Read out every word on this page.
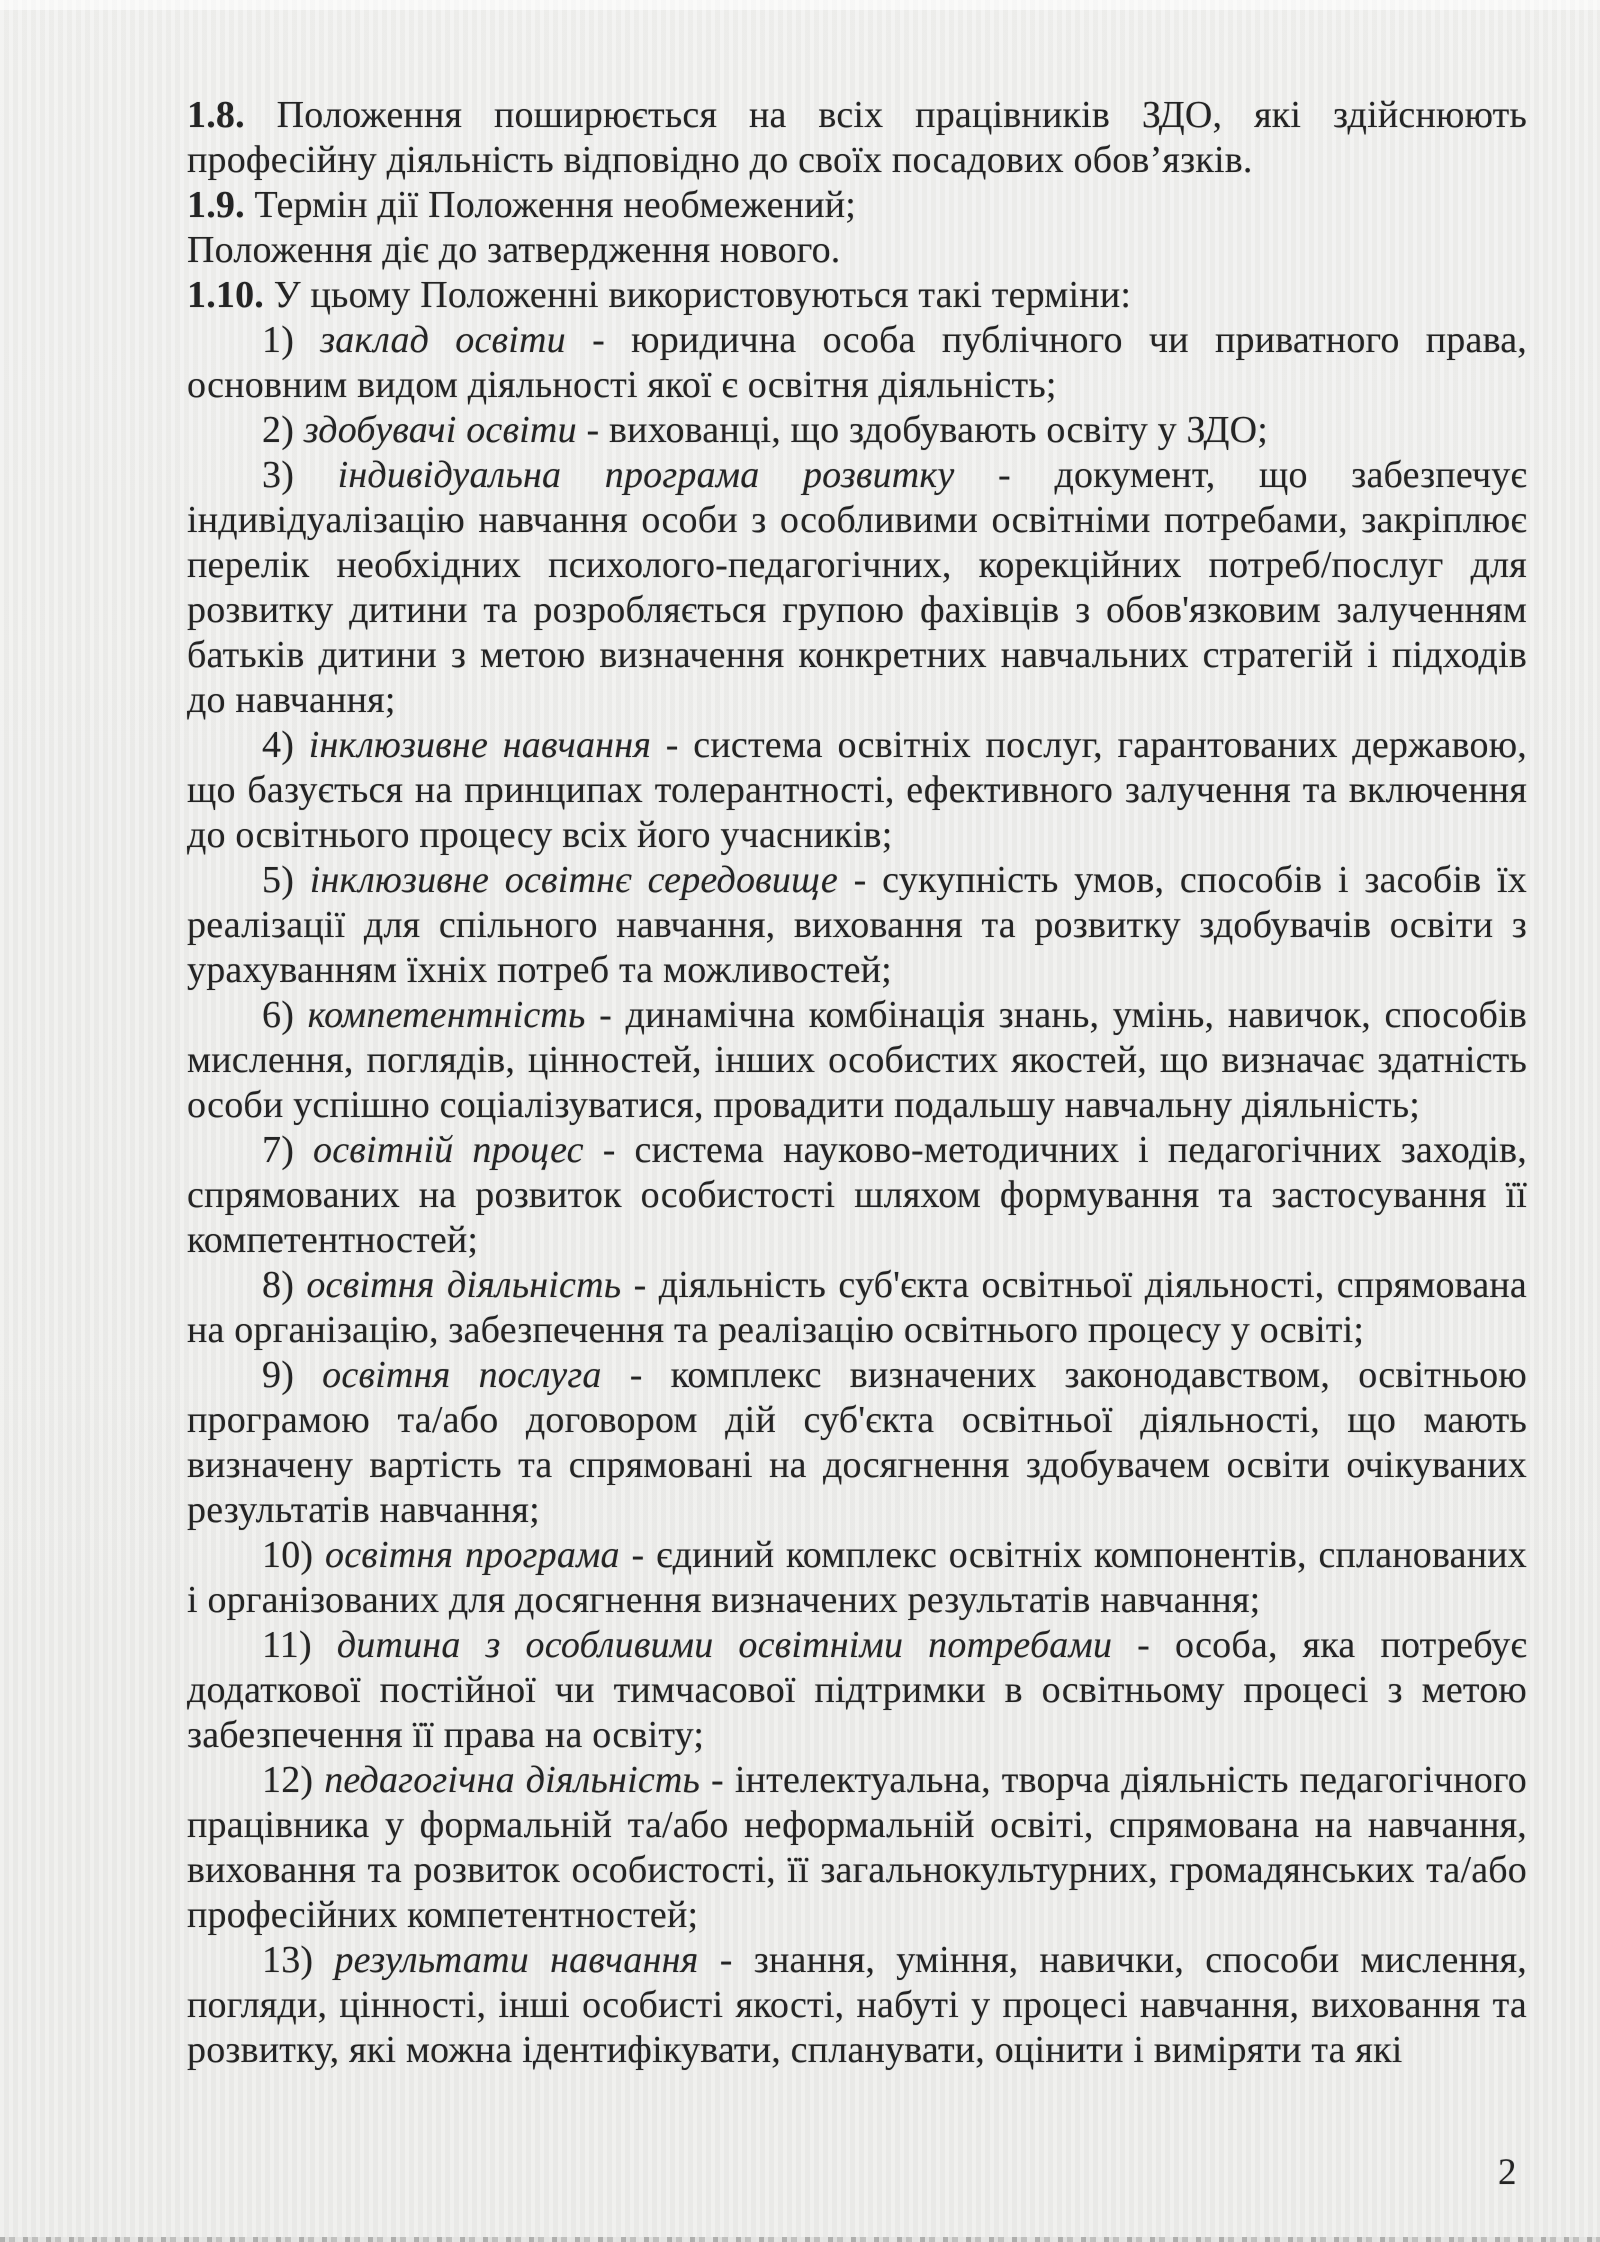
1.8. Положення поширюється на всіх працівників ЗДО, які здійснюють професійну діяльність відповідно до своїх посадових обов’язків.

1.9. Термін дії Положення необмежений;

Положення діє до затвердження нового.

1.10. У цьому Положенні використовуються такі терміни:

1) заклад освіти - юридична особа публічного чи приватного права, основним видом діяльності якої є освітня діяльність;

2) здобувачі освіти - вихованці, що здобувають освіту у ЗДО;

3) індивідуальна програма розвитку - документ, що забезпечує індивідуалізацію навчання особи з особливими освітніми потребами, закріплює перелік необхідних психолого-педагогічних, корекційних потреб/послуг для розвитку дитини та розробляється групою фахівців з обов'язковим залученням батьків дитини з метою визначення конкретних навчальних стратегій і підходів до навчання;

4) інклюзивне навчання - система освітніх послуг, гарантованих державою, що базується на принципах толерантності, ефективного залучення та включення до освітнього процесу всіх його учасників;

5) інклюзивне освітнє середовище - сукупність умов, способів і засобів їх реалізації для спільного навчання, виховання та розвитку здобувачів освіти з урахуванням їхніх потреб та можливостей;

6) компетентність - динамічна комбінація знань, умінь, навичок, способів мислення, поглядів, цінностей, інших особистих якостей, що визначає здатність особи успішно соціалізуватися, провадити подальшу навчальну діяльність;

7) освітній процес - система науково-методичних і педагогічних заходів, спрямованих на розвиток особистості шляхом формування та застосування її компетентностей;

8) освітня діяльність - діяльність суб'єкта освітньої діяльності, спрямована на організацію, забезпечення та реалізацію освітнього процесу у освіті;

9) освітня послуга - комплекс визначених законодавством, освітньою програмою та/або договором дій суб'єкта освітньої діяльності, що мають визначену вартість та спрямовані на досягнення здобувачем освіти очікуваних результатів навчання;

10) освітня програма - єдиний комплекс освітніх компонентів, спланованих і організованих для досягнення визначених результатів навчання;

11) дитина з особливими освітніми потребами - особа, яка потребує додаткової постійної чи тимчасової підтримки в освітньому процесі з метою забезпечення її права на освіту;

12) педагогічна діяльність - інтелектуальна, творча діяльність педагогічного працівника у формальній та/або неформальній освіті, спрямована на навчання, виховання та розвиток особистості, її загальнокультурних, громадянських та/або професійних компетентностей;

13) результати навчання - знання, уміння, навички, способи мислення, погляди, цінності, інші особисті якості, набуті у процесі навчання, виховання та розвитку, які можна ідентифікувати, спланувати, оцінити і виміряти та які

2
